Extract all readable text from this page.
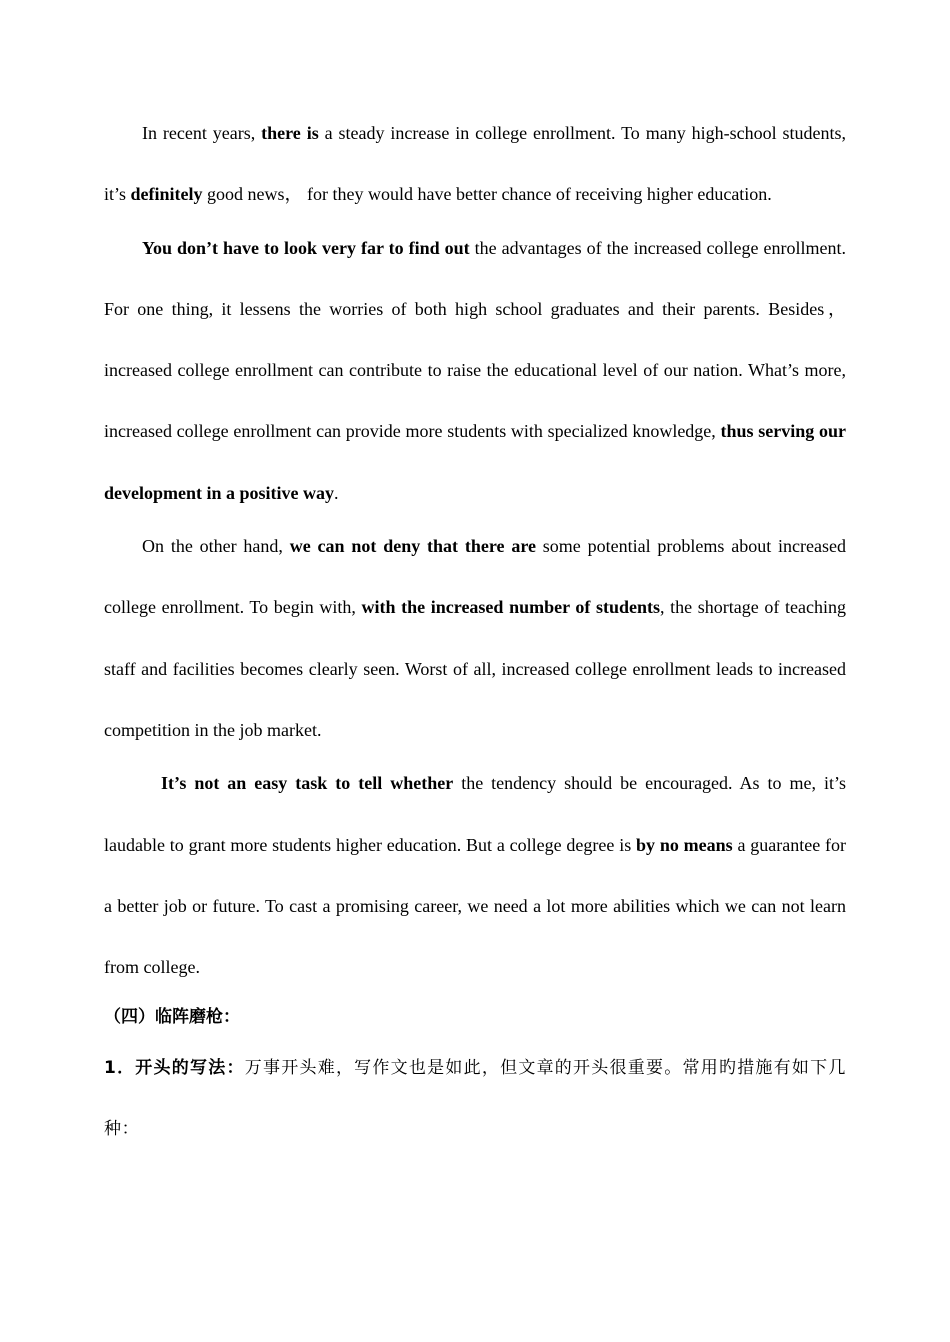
In recent years, there is a steady increase in college enrollment. To many high-school students, it’s definitely good news， for they would have better chance of receiving higher education.

You don’t have to look very far to find out the advantages of the increased college enrollment. For one thing, it lessens the worries of both high school graduates and their parents. Besides，increased college enrollment can contribute to raise the educational level of our nation. What’s more, increased college enrollment can provide more students with specialized knowledge, thus serving our development in a positive way.

On the other hand, we can not deny that there are some potential problems about increased college enrollment. To begin with, with the increased number of students, the shortage of teaching staff and facilities becomes clearly seen. Worst of all, increased college enrollment leads to increased competition in the job market.

It’s not an easy task to tell whether the tendency should be encouraged. As to me, it’s laudable to grant more students higher education. But a college degree is by no means a guarantee for a better job or future. To cast a promising career, we need a lot more abilities which we can not learn from college.

（四）临阵磨枪：

1．开头的写法：万事开头难，写作文也是如此，但文章的开头很重要。常用旳措施有如下几种：
